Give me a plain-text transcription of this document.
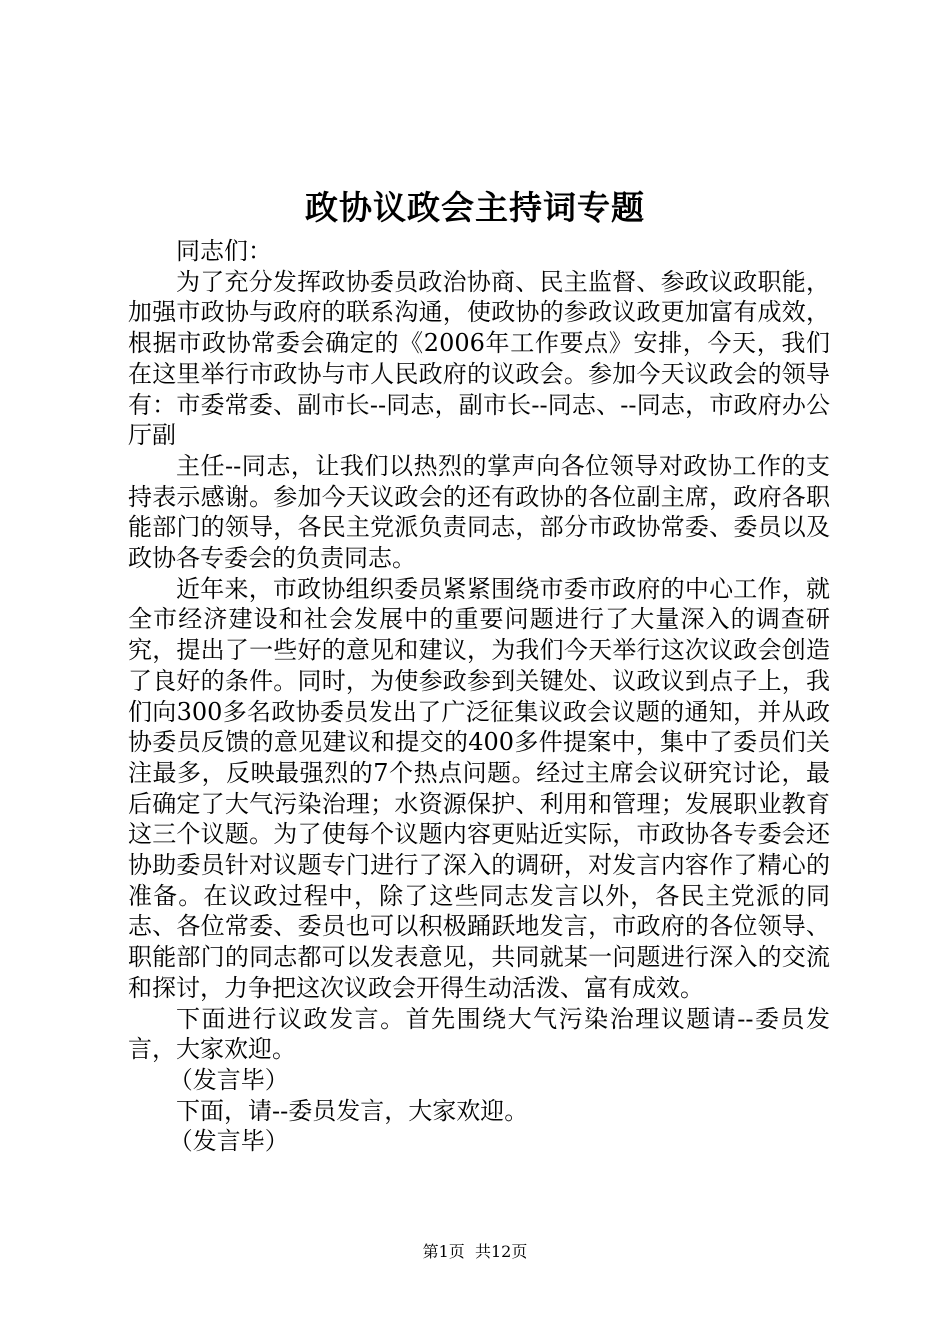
政协议政会主持词专题

同志们：

为了充分发挥政协委员政治协商、民主监督、参政议政职能，加强市政协与政府的联系沟通，使政协的参政议政更加富有成效，根据市政协常委会确定的《2006年工作要点》安排，今天，我们在这里举行市政协与市人民政府的议政会。参加今天议政会的领导有：市委常委、副市长--同志，副市长--同志、--同志，市政府办公厅副

主任--同志，让我们以热烈的掌声向各位领导对政协工作的支持表示感谢。参加今天议政会的还有政协的各位副主席，政府各职能部门的领导，各民主党派负责同志，部分市政协常委、委员以及政协各专委会的负责同志。

近年来，市政协组织委员紧紧围绕市委市政府的中心工作，就全市经济建设和社会发展中的重要问题进行了大量深入的调查研究，提出了一些好的意见和建议，为我们今天举行这次议政会创造了良好的条件。同时，为使参政参到关键处、议政议到点子上，我们向300多名政协委员发出了广泛征集议政会议题的通知，并从政协委员反馈的意见建议和提交的400多件提案中，集中了委员们关注最多，反映最强烈的7个热点问题。经过主席会议研究讨论，最后确定了大气污染治理；水资源保护、利用和管理；发展职业教育这三个议题。为了使每个议题内容更贴近实际，市政协各专委会还协助委员针对议题专门进行了深入的调研，对发言内容作了精心的准备。在议政过程中，除了这些同志发言以外，各民主党派的同志、各位常委、委员也可以积极踊跃地发言，市政府的各位领导、职能部门的同志都可以发表意见，共同就某一问题进行深入的交流和探讨，力争把这次议政会开得生动活泼、富有成效。

下面进行议政发言。首先围绕大气污染治理议题请--委员发言，大家欢迎。

（发言毕）

下面，请--委员发言，大家欢迎。

（发言毕）

第1页 共12页
